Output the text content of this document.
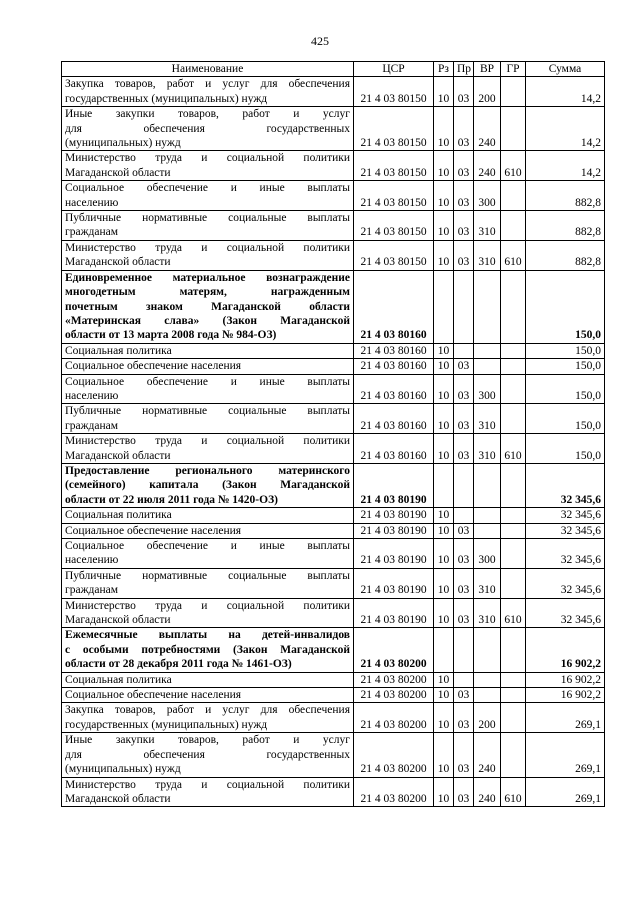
425
Наименование	ЦСР	Рз	Пр	ВР	ГР	Сумма

Закупка товаров, работ и услуг для обеспечения
государственных (муниципальных) нужд	21 4 03 80150	10	03	200		14,2

Иные закупки товаров, работ и услуг
для обеспечения государственных
(муниципальных) нужд	21 4 03 80150	10	03	240		14,2

Министерство труда и социальной политики
Магаданской области	21 4 03 80150	10	03	240	610	14,2

Социальное обеспечение и иные выплаты
населению	21 4 03 80150	10	03	300		882,8

Публичные нормативные социальные выплаты
гражданам	21 4 03 80150	10	03	310		882,8

Министерство труда и социальной политики
Магаданской области	21 4 03 80150	10	03	310	610	882,8

Единовременное материальное вознаграждение
многодетным матерям, награжденным
почетным знаком Магаданской области
«Материнская слава» (Закон Магаданской
области от 13 марта 2008 года № 984-ОЗ)	21 4 03 80160					150,0

Социальная политика	21 4 03 80160	10				150,0

Социальное обеспечение населения	21 4 03 80160	10	03			150,0

Социальное обеспечение и иные выплаты
населению	21 4 03 80160	10	03	300		150,0

Публичные нормативные социальные выплаты
гражданам	21 4 03 80160	10	03	310		150,0

Министерство труда и социальной политики
Магаданской области	21 4 03 80160	10	03	310	610	150,0

Предоставление регионального материнского
(семейного) капитала (Закон Магаданской
области от 22 июля 2011 года № 1420-ОЗ)	21 4 03 80190					32 345,6

Социальная политика	21 4 03 80190	10				32 345,6

Социальное обеспечение населения	21 4 03 80190	10	03			32 345,6

Социальное обеспечение и иные выплаты
населению	21 4 03 80190	10	03	300		32 345,6

Публичные нормативные социальные выплаты
гражданам	21 4 03 80190	10	03	310		32 345,6

Министерство труда и социальной политики
Магаданской области	21 4 03 80190	10	03	310	610	32 345,6

Ежемесячные выплаты на детей-инвалидов
с особыми потребностями (Закон Магаданской
области от 28 декабря 2011 года № 1461-ОЗ)	21 4 03 80200					16 902,2

Социальная политика	21 4 03 80200	10				16 902,2

Социальное обеспечение населения	21 4 03 80200	10	03			16 902,2

Закупка товаров, работ и услуг для обеспечения
государственных (муниципальных) нужд	21 4 03 80200	10	03	200		269,1

Иные закупки товаров, работ и услуг
для обеспечения государственных
(муниципальных) нужд	21 4 03 80200	10	03	240		269,1

Министерство труда и социальной политики
Магаданской области	21 4 03 80200	10	03	240	610	269,1
